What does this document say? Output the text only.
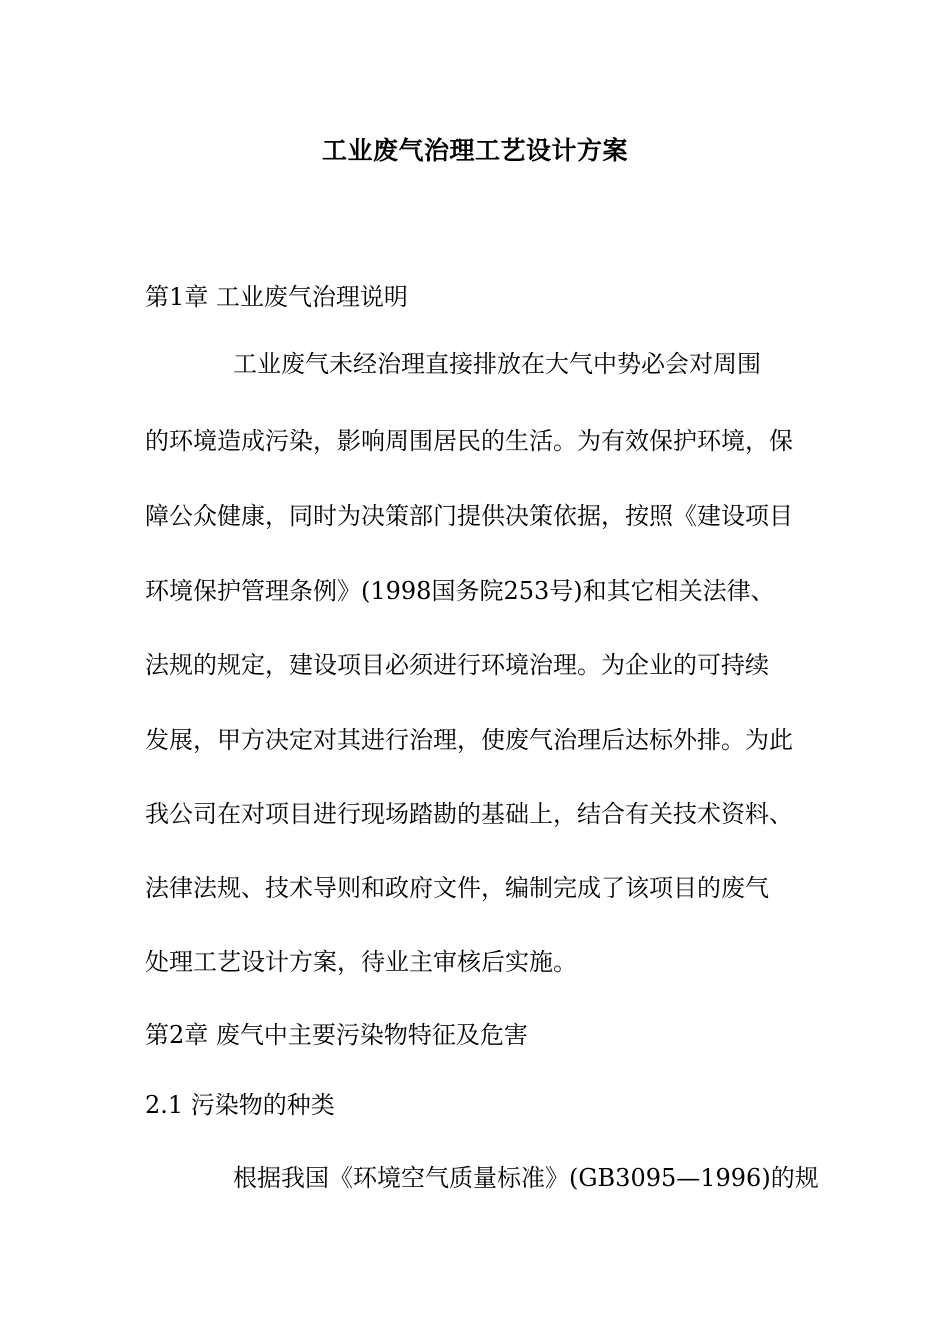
工业废气治理工艺设计方案
第1章 工业废气治理说明
工业废气未经治理直接排放在大气中势必会对周围
的环境造成污染，影响周围居民的生活。为有效保护环境，保
障公众健康，同时为决策部门提供决策依据，按照《建设项目
环境保护管理条例》(1998国务院253号)和其它相关法律、
法规的规定，建设项目必须进行环境治理。为企业的可持续
发展，甲方决定对其进行治理，使废气治理后达标外排。为此
我公司在对项目进行现场踏勘的基础上，结合有关技术资料、
法律法规、技术导则和政府文件，编制完成了该项目的废气
处理工艺设计方案，待业主审核后实施。
第2章 废气中主要污染物特征及危害
2.1 污染物的种类
根据我国《环境空气质量标准》(GB3095—1996)的规
